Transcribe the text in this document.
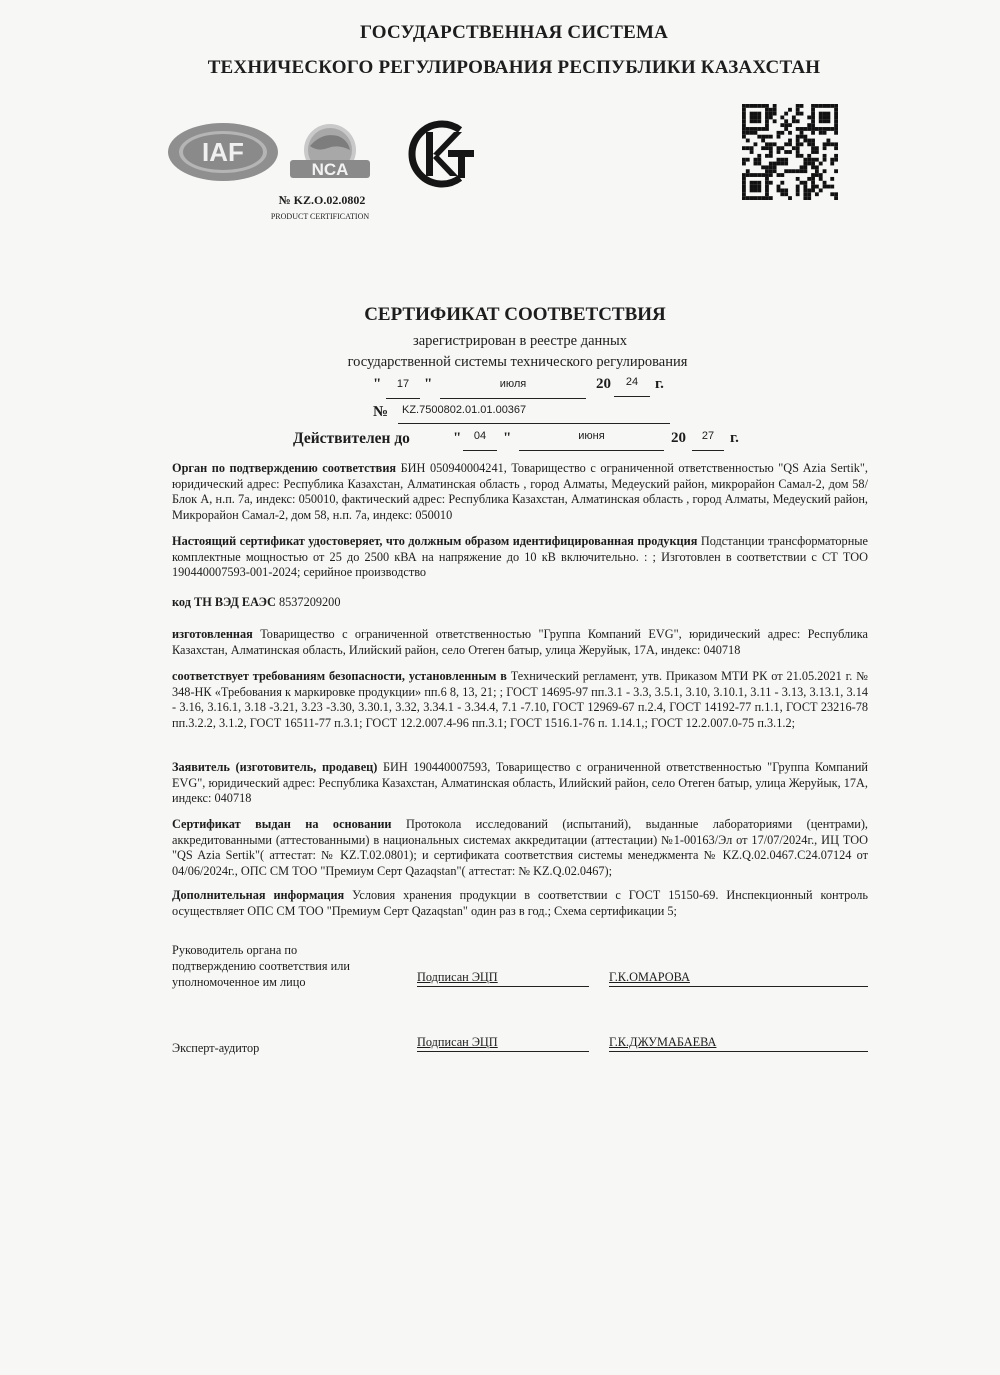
ГОСУДАРСТВЕННАЯ СИСТЕМА
ТЕХНИЧЕСКОГО РЕГУЛИРОВАНИЯ РЕСПУБЛИКИ КАЗАХСТАН
IAF
NCA
№ KZ.O.02.0802
PRODUCT CERTIFICATION
СЕРТИФИКАТ СООТВЕТСТВИЯ
зарегистрирован в реестре данных
государственной системы технического регулирования
"	17 "	июля	20	24	г.
№	KZ.7500802.01.01.00367
Действителен до	"	04	"	июня	20	27	г.
Орган по подтверждению соответствия БИН 050940004241, Товарищество с ограниченной ответственностью "QS Azia Sertik", юридический адрес: Республика Казахстан, Алматинская область , город Алматы, Медеуский район, микрорайон Самал-2, дом 58/Блок А, н.п. 7а, индекс: 050010, фактический адрес: Республика Казахстан, Алматинская область , город Алматы, Медеуский район, Микрорайон Самал-2, дом 58, н.п. 7а, индекс: 050010
Настоящий сертификат удостоверяет, что должным образом идентифицированная продукция Подстанции трансформаторные комплектные мощностью от 25 до 2500 кВА на напряжение до 10 кВ включительно. : ; Изготовлен в соответствии с СТ ТОО 190440007593-001-2024; серийное производство
код ТН ВЭД ЕАЭС 8537209200
изготовленная Товарищество с ограниченной ответственностью "Группа Компаний EVG", юридический адрес: Республика Казахстан, Алматинская область, Илийский район, село Отеген батыр, улица Жеруйык, 17А, индекс: 040718
соответствует требованиям безопасности, установленным в Технический регламент, утв. Приказом МТИ РК от 21.05.2021 г. № 348-НК «Требования к маркировке продукции» пп.6 8, 13, 21; ; ГОСТ 14695-97 пп.3.1 - 3.3, 3.5.1, 3.10, 3.10.1, 3.11 - 3.13, 3.13.1, 3.14 - 3.16, 3.16.1, 3.18 -3.21, 3.23 -3.30, 3.30.1, 3.32, 3.34.1 - 3.34.4, 7.1 -7.10, ГОСТ 12969-67 п.2.4, ГОСТ 14192-77 п.1.1, ГОСТ 23216-78 пп.3.2.2, 3.1.2, ГОСТ 16511-77 п.3.1; ГОСТ 12.2.007.4-96 пп.3.1; ГОСТ 1516.1-76 п. 1.14.1,; ГОСТ 12.2.007.0-75 п.3.1.2;
Заявитель (изготовитель, продавец) БИН 190440007593, Товарищество с ограниченной ответственностью "Группа Компаний EVG", юридический адрес: Республика Казахстан, Алматинская область, Илийский район, село Отеген батыр, улица Жеруйык, 17А, индекс: 040718
Сертификат выдан на основании Протокола исследований (испытаний), выданные лабораториями (центрами), аккредитованными (аттестованными) в национальных системах аккредитации (аттестации) №1-00163/Эл от 17/07/2024г., ИЦ ТОО "QS Azia Sertik"( аттестат: № KZ.T.02.0801); и сертификата соответствия системы менеджмента № KZ.Q.02.0467.C24.07124 от 04/06/2024г., ОПС СМ ТОО "Премиум Серт Qazaqstan"( аттестат: № KZ.Q.02.0467);
Дополнительная информация Условия хранения продукции в соответствии с ГОСТ 15150-69. Инспекционный контроль осуществляет ОПС СМ ТОО "Премиум Серт Qazaqstan" один раз в год.; Схема сертификации 5;
Руководитель органа по подтверждению соответствия или уполномоченное им лицо	Подписан ЭЦП	Г.К.ОМАРОВА
Эксперт-аудитор	Подписан ЭЦП	Г.К.ДЖУМАБАЕВА
